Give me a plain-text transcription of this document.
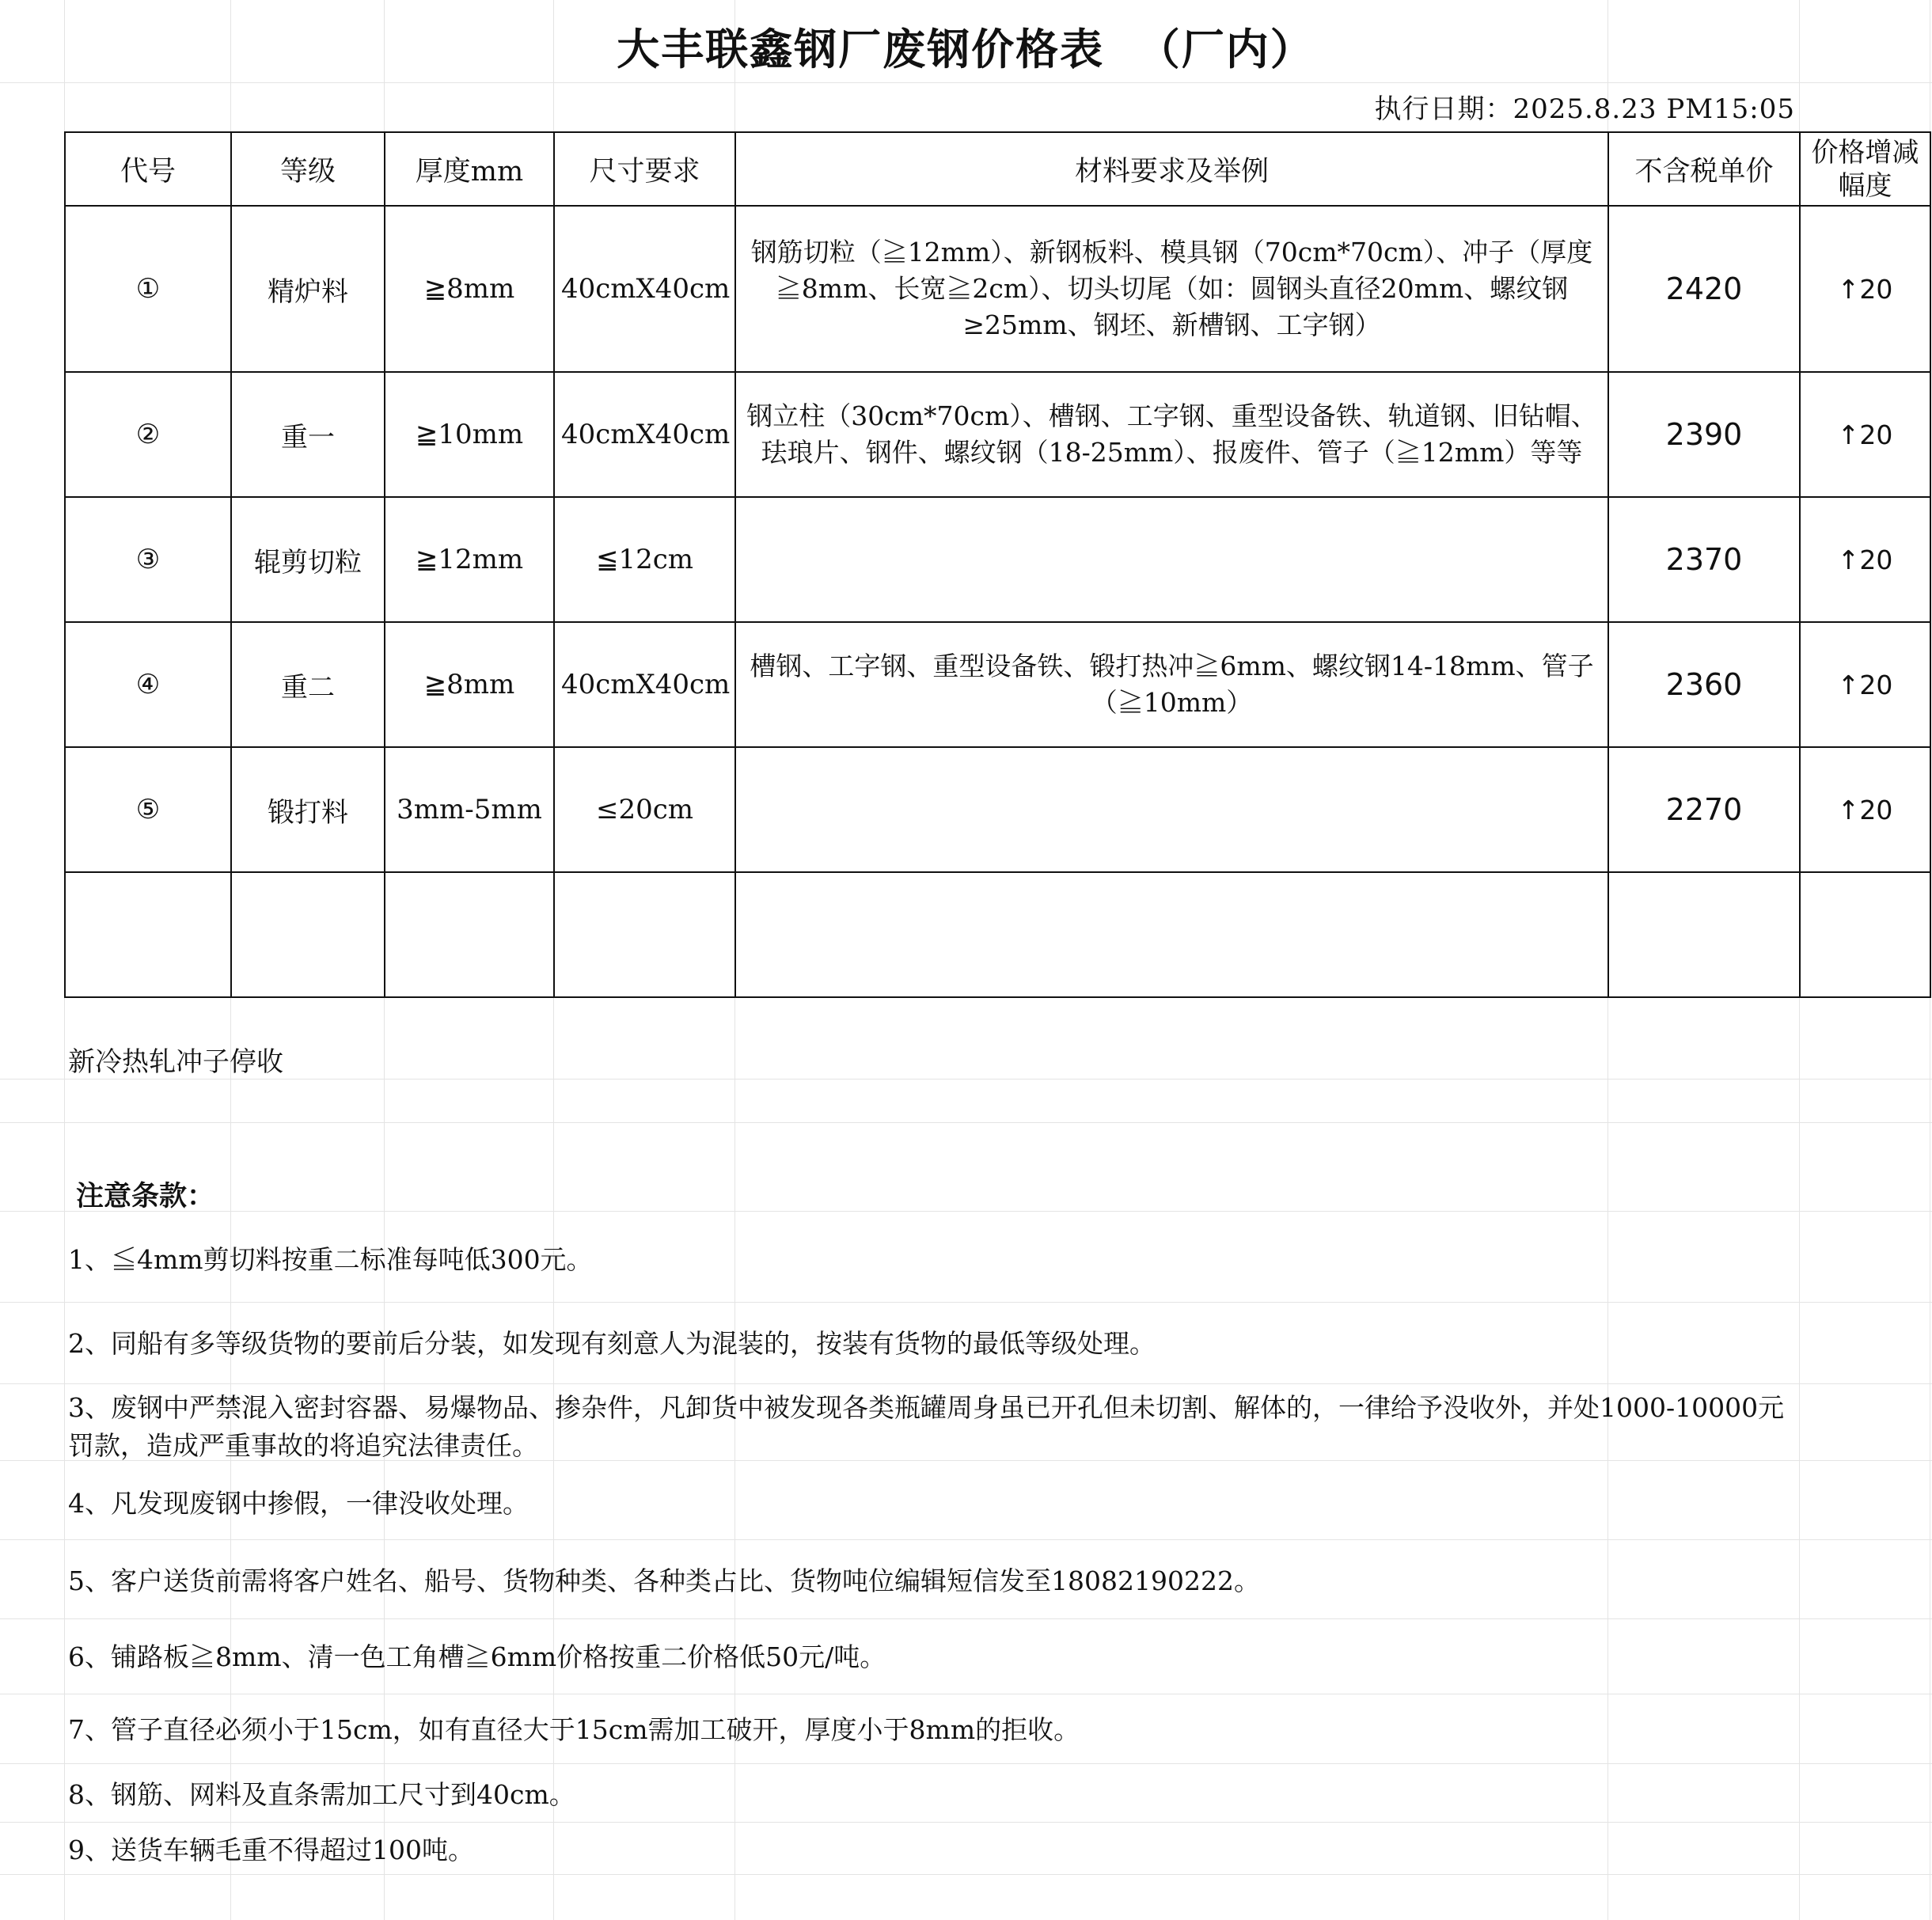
大丰联鑫钢厂废钢价格表  （厂内）
执行日期：2025.8.23 PM15:05
代号	等级	厚度mm	尺寸要求	材料要求及举例	不含税单价	价格增减幅度
①	精炉料	≧8mm	40cmX40cm	钢筋切粒（≧12mm）、新钢板料、模具钢（70cm*70cm）、冲子（厚度≧8mm、长宽≧2cm）、切头切尾（如：圆钢头直径20mm、螺纹钢≥25mm、钢坯、新槽钢、工字钢）	2420	↑20
②	重一	≧10mm	40cmX40cm	钢立柱（30cm*70cm）、槽钢、工字钢、重型设备铁、轨道钢、旧钻帽、珐琅片、钢件、螺纹钢（18-25mm）、报废件、管子（≧12mm）等等	2390	↑20
③	辊剪切粒	≧12mm	≦12cm		2370	↑20
④	重二	≧8mm	40cmX40cm	槽钢、工字钢、重型设备铁、锻打热冲≧6mm、螺纹钢14-18mm、管子（≧10mm）	2360	↑20
⑤	锻打料	3mm-5mm	≤20cm		2270	↑20

新冷热轧冲子停收
注意条款：
1、≦4mm剪切料按重二标准每吨低300元。
2、同船有多等级货物的要前后分装，如发现有刻意人为混装的，按装有货物的最低等级处理。
3、废钢中严禁混入密封容器、易爆物品、掺杂件，凡卸货中被发现各类瓶罐周身虽已开孔但未切割、解体的，一律给予没收外，并处1000-10000元罚款，造成严重事故的将追究法律责任。
4、凡发现废钢中掺假，一律没收处理。
5、客户送货前需将客户姓名、船号、货物种类、各种类占比、货物吨位编辑短信发至18082190222。
6、铺路板≧8mm、清一色工角槽≧6mm价格按重二价格低50元/吨。
7、管子直径必须小于15cm，如有直径大于15cm需加工破开，厚度小于8mm的拒收。
8、钢筋、网料及直条需加工尺寸到40cm。
9、送货车辆毛重不得超过100吨。
